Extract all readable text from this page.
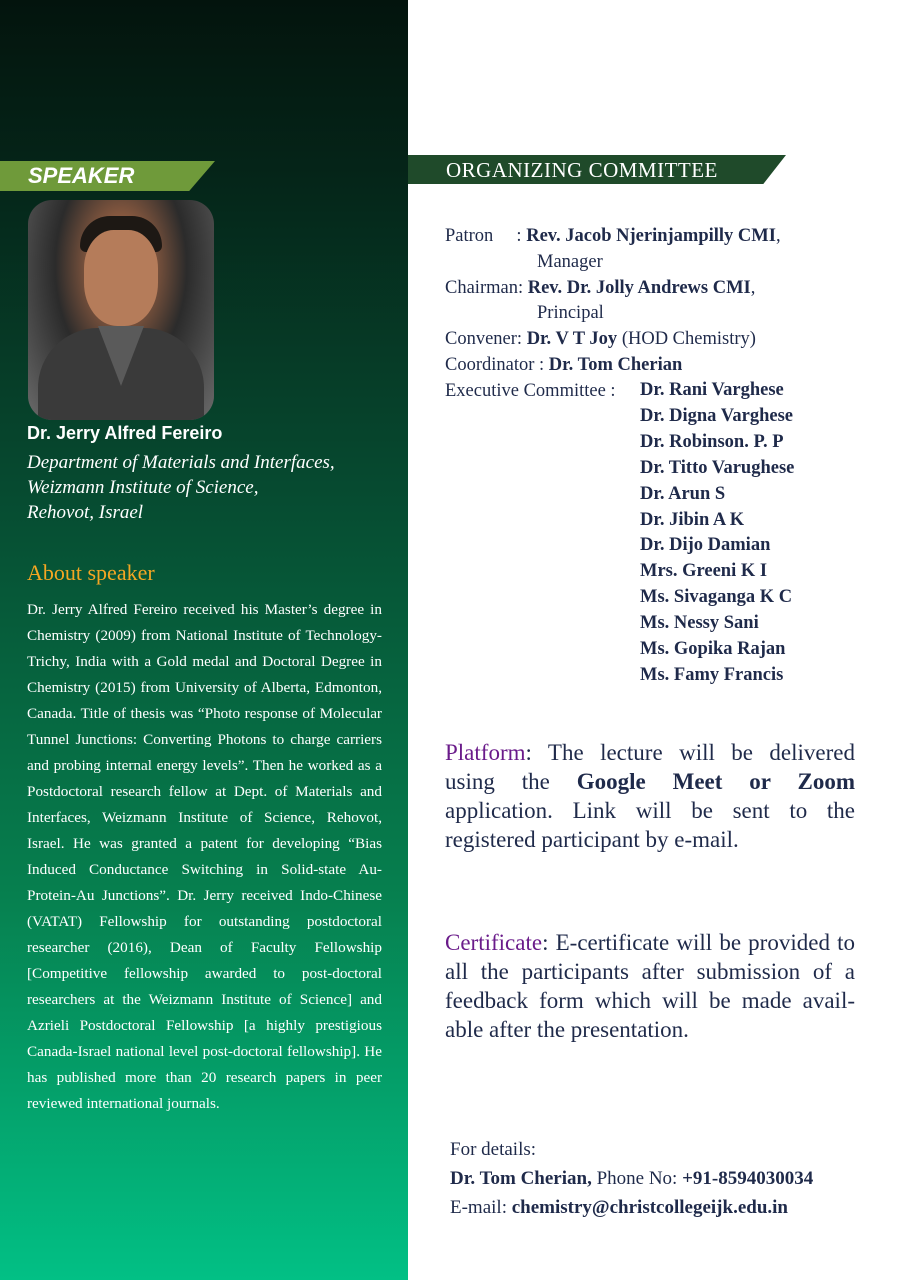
SPEAKER
Dr. Jerry Alfred Fereiro
Department of Materials and Interfaces,
Weizmann Institute of Science,
Rehovot, Israel
About speaker

Dr. Jerry Alfred Fereiro received his Master’s degree in Chemistry (2009) from National Institute of Technology-Trichy, India with a Gold medal and Doctoral Degree in Chemistry (2015) from University of Alberta, Edmonton, Canada. Title of thesis was “Photo response of Molecular Tunnel Junctions: Converting Photons to charge carriers and probing internal energy levels”. Then he worked as a Postdoctoral research fellow at Dept. of Materials and Interfaces, Weizmann Institute of Science, Rehovot, Israel. He was granted a patent for developing “Bias Induced Conductance Switching in Solid-state Au-Protein-Au Junctions”. Dr. Jerry received Indo-Chinese (VATAT) Fellowship for outstanding postdoctoral researcher (2016), Dean of Faculty Fellowship [Competitive fellowship awarded to post-doctoral researchers at the Weizmann Institute of Science] and Azrieli Postdoctoral Fellowship [a highly prestigious Canada-Israel national level post-doctoral fellowship]. He has published more than 20 research papers in peer reviewed international journals.

ORGANIZING COMMITTEE
Patron     : Rev. Jacob Njerinjampilly CMI,
Manager
Chairman: Rev. Dr. Jolly Andrews CMI,
Principal
Convener: Dr. V T Joy (HOD Chemistry)
Coordinator : Dr. Tom Cherian
Executive Committee : Dr. Rani Varghese
Dr. Digna Varghese
Dr. Robinson. P. P
Dr. Titto Varughese
Dr. Arun S
Dr. Jibin A K
Dr. Dijo Damian
Mrs. Greeni K I
Ms. Sivaganga K C
Ms. Nessy Sani
Ms. Gopika Rajan
Ms. Famy Francis

Platform: The lecture will be delivered using the Google Meet or Zoom application. Link will be sent to the registered participant by e-mail.

Certificate: E-certificate will be provided to all the participants after submission of a feedback form which will be made avail-able after the presentation.

For details:
Dr. Tom Cherian, Phone No: +91-8594030034
E-mail: chemistry@christcollegeijk.edu.in
